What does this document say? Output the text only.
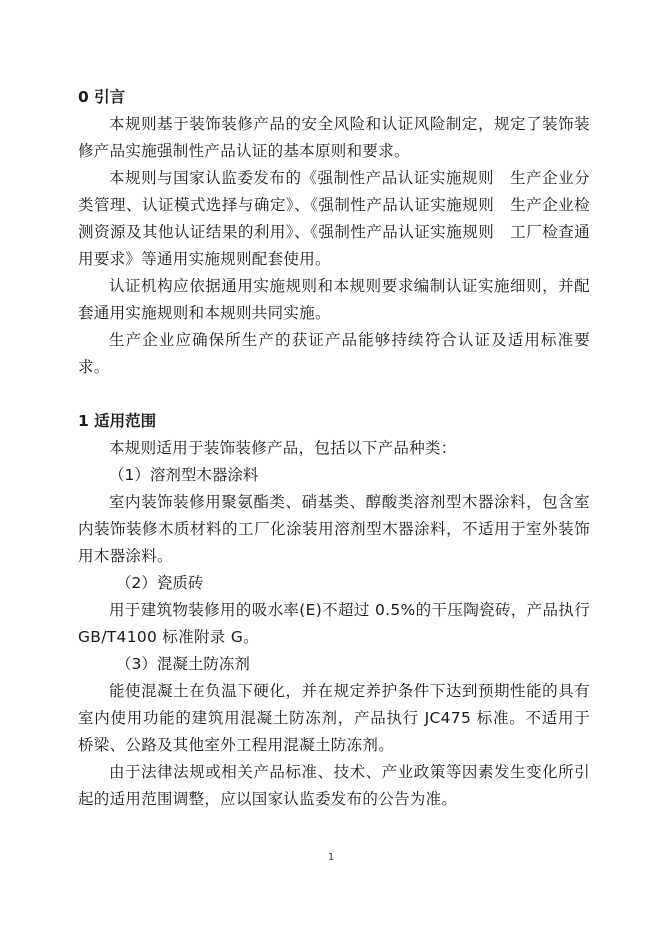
0 引言

本规则基于装饰装修产品的安全风险和认证风险制定，规定了装饰装修产品实施强制性产品认证的基本原则和要求。

本规则与国家认监委发布的《强制性产品认证实施规则　生产企业分类管理、认证模式选择与确定》、《强制性产品认证实施规则　生产企业检测资源及其他认证结果的利用》、《强制性产品认证实施规则　工厂检查通用要求》等通用实施规则配套使用。

认证机构应依据通用实施规则和本规则要求编制认证实施细则，并配套通用实施规则和本规则共同实施。

生产企业应确保所生产的获证产品能够持续符合认证及适用标准要求。

1 适用范围

本规则适用于装饰装修产品，包括以下产品种类：

（1）溶剂型木器涂料

室内装饰装修用聚氨酯类、硝基类、醇酸类溶剂型木器涂料，包含室内装饰装修木质材料的工厂化涂装用溶剂型木器涂料，不适用于室外装饰用木器涂料。

（2）瓷质砖

用于建筑物装修用的吸水率(E)不超过 0.5%的干压陶瓷砖，产品执行GB/T4100 标准附录 G。

（3）混凝土防冻剂

能使混凝土在负温下硬化，并在规定养护条件下达到预期性能的具有室内使用功能的建筑用混凝土防冻剂，产品执行 JC475 标准。不适用于桥梁、公路及其他室外工程用混凝土防冻剂。

由于法律法规或相关产品标准、技术、产业政策等因素发生变化所引起的适用范围调整，应以国家认监委发布的公告为准。

1
